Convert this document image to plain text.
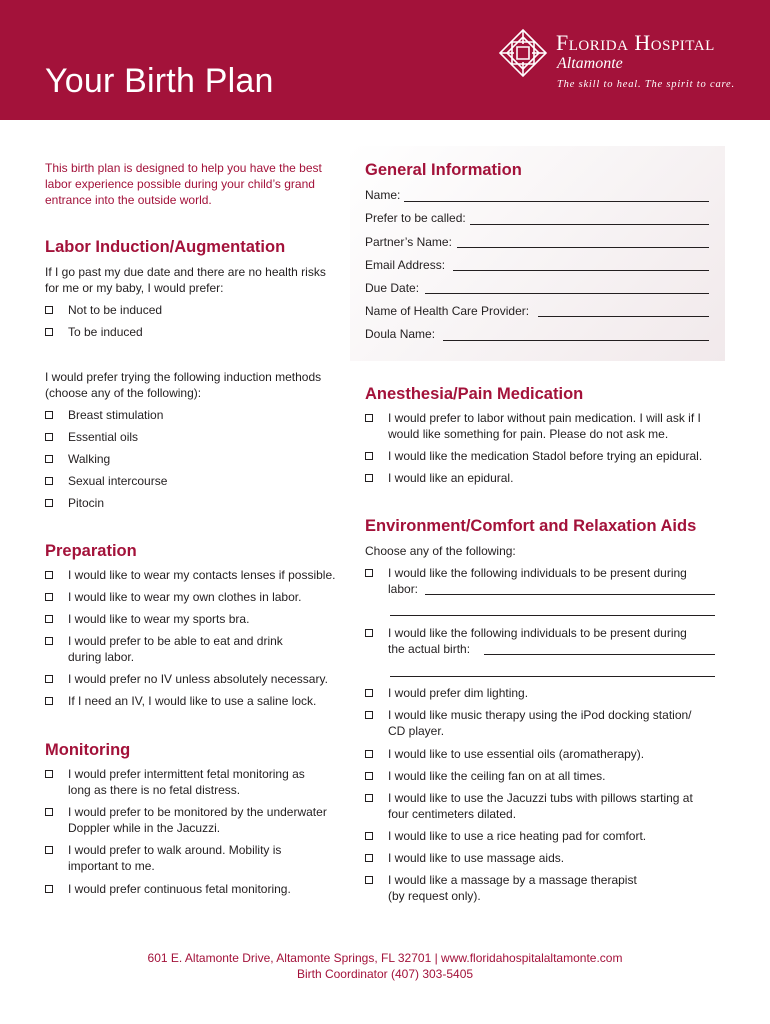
Your Birth Plan
Florida Hospital
Altamonte
The skill to heal. The spirit to care.
This birth plan is designed to help you have the best labor experience possible during your child’s grand entrance into the outside world.
Labor Induction/Augmentation
If I go past my due date and there are no health risks
for me or my baby, I would prefer:
Not to be induced
To be induced
I would prefer trying the following induction methods
(choose any of the following):
Breast stimulation
Essential oils
Walking
Sexual intercourse
Pitocin
Preparation
I would like to wear my contacts lenses if possible.
I would like to wear my own clothes in labor.
I would like to wear my sports bra.
I would prefer to be able to eat and drink
during labor.
I would prefer no IV unless absolutely necessary.
If I need an IV, I would like to use a saline lock.
Monitoring
I would prefer intermittent fetal monitoring as
long as there is no fetal distress.
I would prefer to be monitored by the underwater
Doppler while in the Jacuzzi.
I would prefer to walk around. Mobility is
important to me.
I would prefer continuous fetal monitoring.
General Information
Name:
Prefer to be called:
Partner’s Name:
Email Address:
Due Date:
Name of Health Care Provider:
Doula Name:
Anesthesia/Pain Medication
I would prefer to labor without pain medication. I will ask if I
would like something for pain. Please do not ask me.
I would like the medication Stadol before trying an epidural.
I would like an epidural.
Environment/Comfort and Relaxation Aids
Choose any of the following:
I would like the following individuals to be present during
labor:
I would like the following individuals to be present during
the actual birth:
I would prefer dim lighting.
I would like music therapy using the iPod docking station/
CD player.
I would like to use essential oils (aromatherapy).
I would like the ceiling fan on at all times.
I would like to use the Jacuzzi tubs with pillows starting at
four centimeters dilated.
I would like to use a rice heating pad for comfort.
I would like to use massage aids.
I would like a massage by a massage therapist
(by request only).
601 E. Altamonte Drive, Altamonte Springs, FL 32701 | www.floridahospitalaltamonte.com
Birth Coordinator (407) 303-5405
